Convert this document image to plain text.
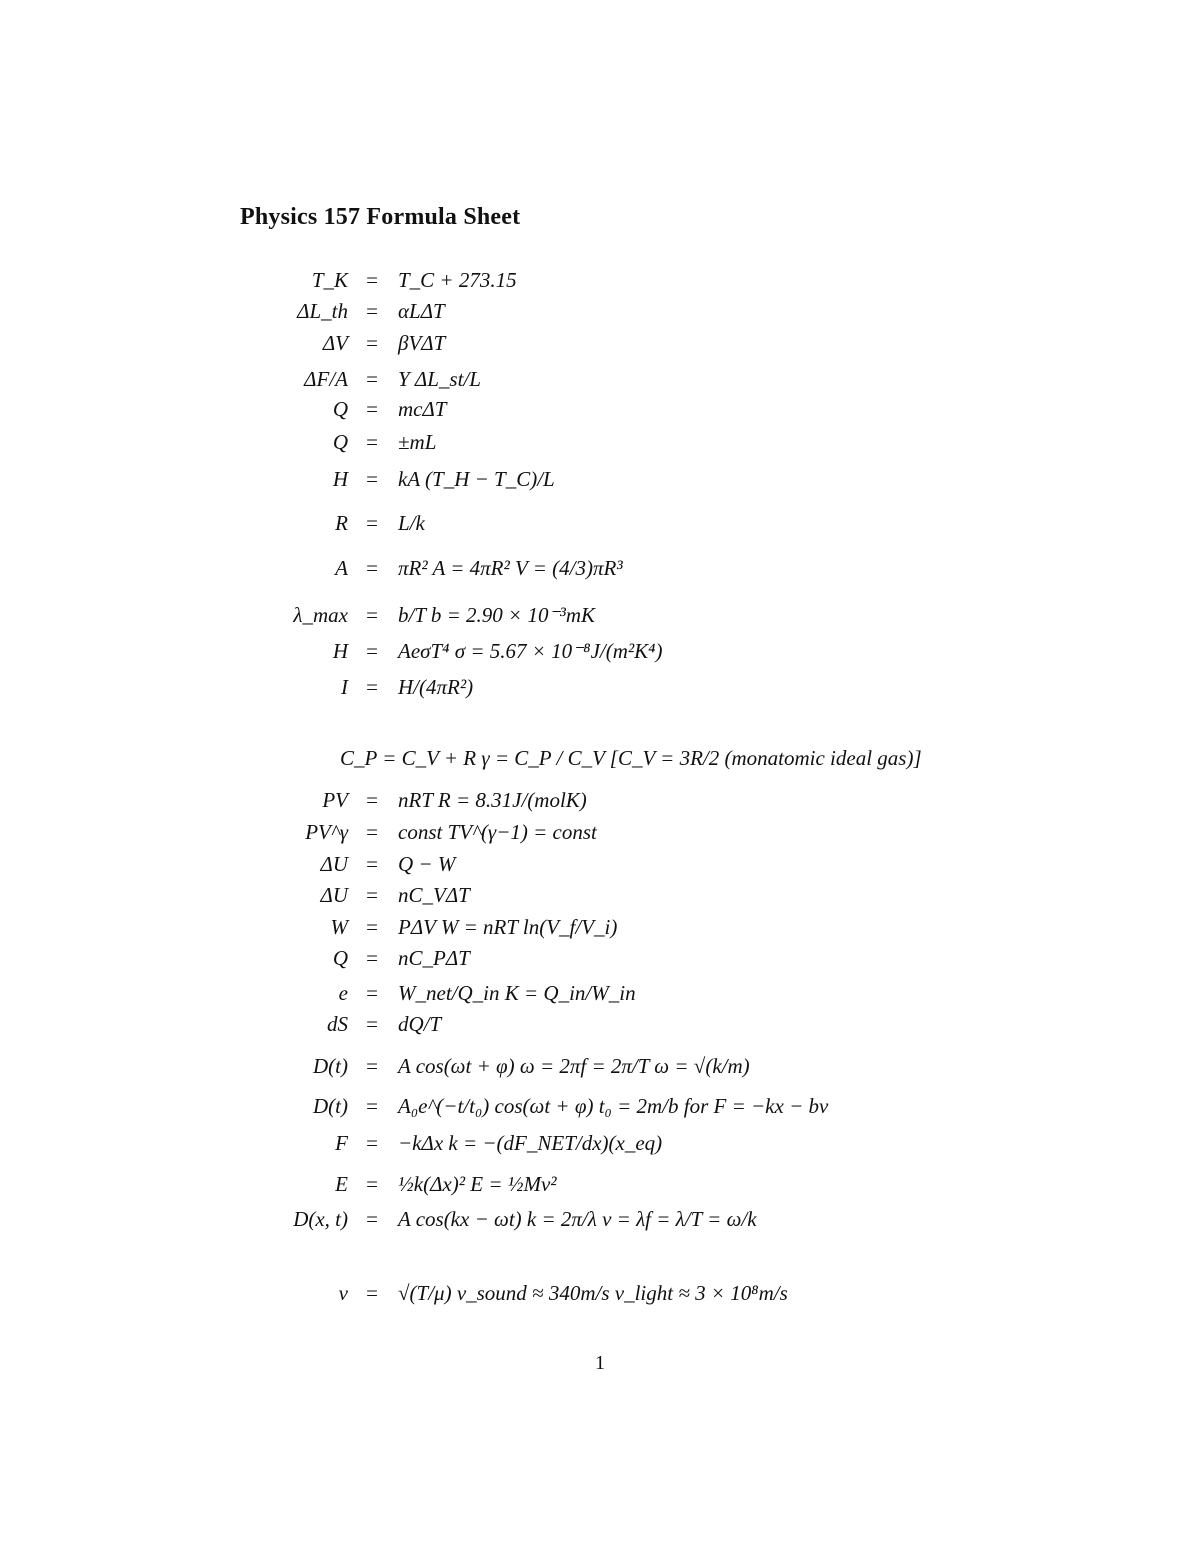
Physics 157 Formula Sheet
T_K = T_C + 273.15
ΔL_th = αLΔT
ΔV = βVΔT
ΔF/A = Y ΔL_st/L
Q = mcΔT
Q = ±mL
H = kA (T_H − T_C)/L
R = L/k
A = πR² A = 4πR² V = (4/3)πR³
λ_max = b/T b = 2.90 × 10⁻³mK
H = AeσT⁴ σ = 5.67 × 10⁻⁸J/(m²K⁴)
I = H/(4πR²)
C_P = C_V + R γ = C_P / C_V [C_V = 3R/2 (monatomic ideal gas)]
PV = nRT R = 8.31J/(molK)
PV^γ = const TV^(γ−1) = const
ΔU = Q − W
ΔU = nC_VΔT
W = PΔV W = nRT ln(V_f/V_i)
Q = nC_PΔT
e = W_net/Q_in K = Q_in/W_in
dS = dQ/T
D(t) = A cos(ωt + φ) ω = 2πf = 2π/T ω = √(k/m)
D(t) = A₀e^(−t/t₀) cos(ωt + φ) t₀ = 2m/b for F = −kx − bv
F = −kΔx k = −(dF_NET/dx)(x_eq)
E = ½k(Δx)² E = ½Mv²
D(x, t) = A cos(kx − ωt) k = 2π/λ v = λf = λ/T = ω/k
v = √(T/μ) v_sound ≈ 340m/s v_light ≈ 3 × 10⁸m/s
1
